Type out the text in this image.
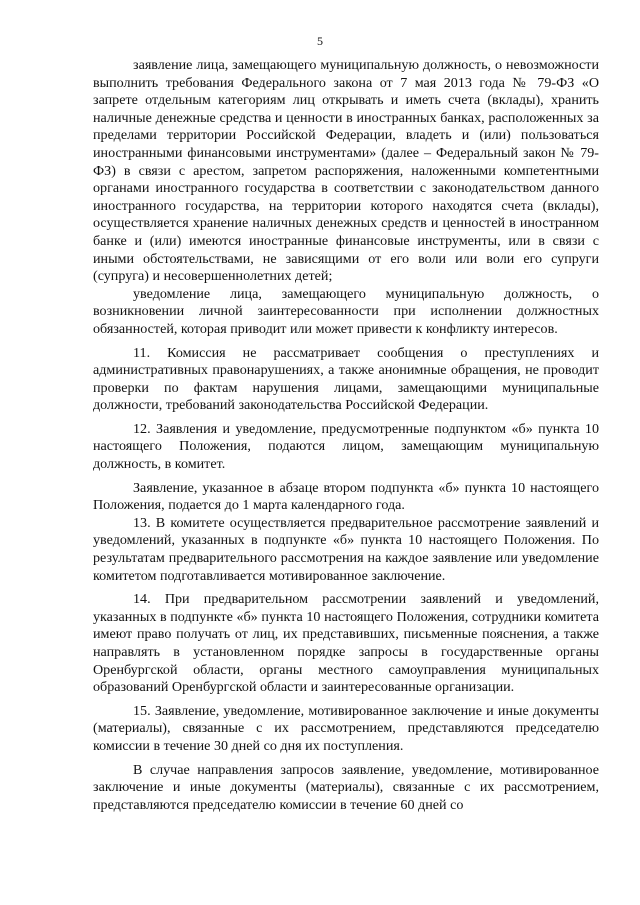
5

заявление лица, замещающего муниципальную должность, о невозможности выполнить требования Федерального закона от 7 мая 2013 года № 79-ФЗ «О запрете отдельным категориям лиц открывать и иметь счета (вклады), хранить наличные денежные средства и ценности в иностранных банках, расположенных за пределами территории Российской Федерации, владеть и (или) пользоваться иностранными финансовыми инструментами» (далее – Федеральный закон № 79-ФЗ) в связи с арестом, запретом распоряжения, наложенными компетентными органами иностранного государства в соответствии с законодательством данного иностранного государства, на территории которого находятся счета (вклады), осуществляется хранение наличных денежных средств и ценностей в иностранном банке и (или) имеются иностранные финансовые инструменты, или в связи с иными обстоятельствами, не зависящими от его воли или воли его супруги (супруга) и несовершеннолетних детей;

уведомление лица, замещающего муниципальную должность, о возникновении личной заинтересованности при исполнении должностных обязанностей, которая приводит или может привести к конфликту интересов.

11. Комиссия не рассматривает сообщения о преступлениях и административных правонарушениях, а также анонимные обращения, не проводит проверки по фактам нарушения лицами, замещающими муниципальные должности, требований законодательства Российской Федерации.

12. Заявления и уведомление, предусмотренные подпунктом «б» пункта 10 настоящего Положения, подаются лицом, замещающим муниципальную должность, в комитет.

Заявление, указанное в абзаце втором подпункта «б» пункта 10 настоящего Положения, подается до 1 марта календарного года.

13. В комитете осуществляется предварительное рассмотрение заявлений и уведомлений, указанных в подпункте «б» пункта 10 настоящего Положения. По результатам предварительного рассмотрения на каждое заявление или уведомление комитетом подготавливается мотивированное заключение.

14. При предварительном рассмотрении заявлений и уведомлений, указанных в подпункте «б» пункта 10 настоящего Положения, сотрудники комитета имеют право получать от лиц, их представивших, письменные пояснения, а также направлять в установленном порядке запросы в государственные органы Оренбургской области, органы местного самоуправления муниципальных образований Оренбургской области и заинтересованные организации.

15. Заявление, уведомление, мотивированное заключение и иные документы (материалы), связанные с их рассмотрением, представляются председателю комиссии в течение 30 дней со дня их поступления.

В случае направления запросов заявление, уведомление, мотивированное заключение и иные документы (материалы), связанные с их рассмотрением, представляются председателю комиссии в течение 60 дней со
